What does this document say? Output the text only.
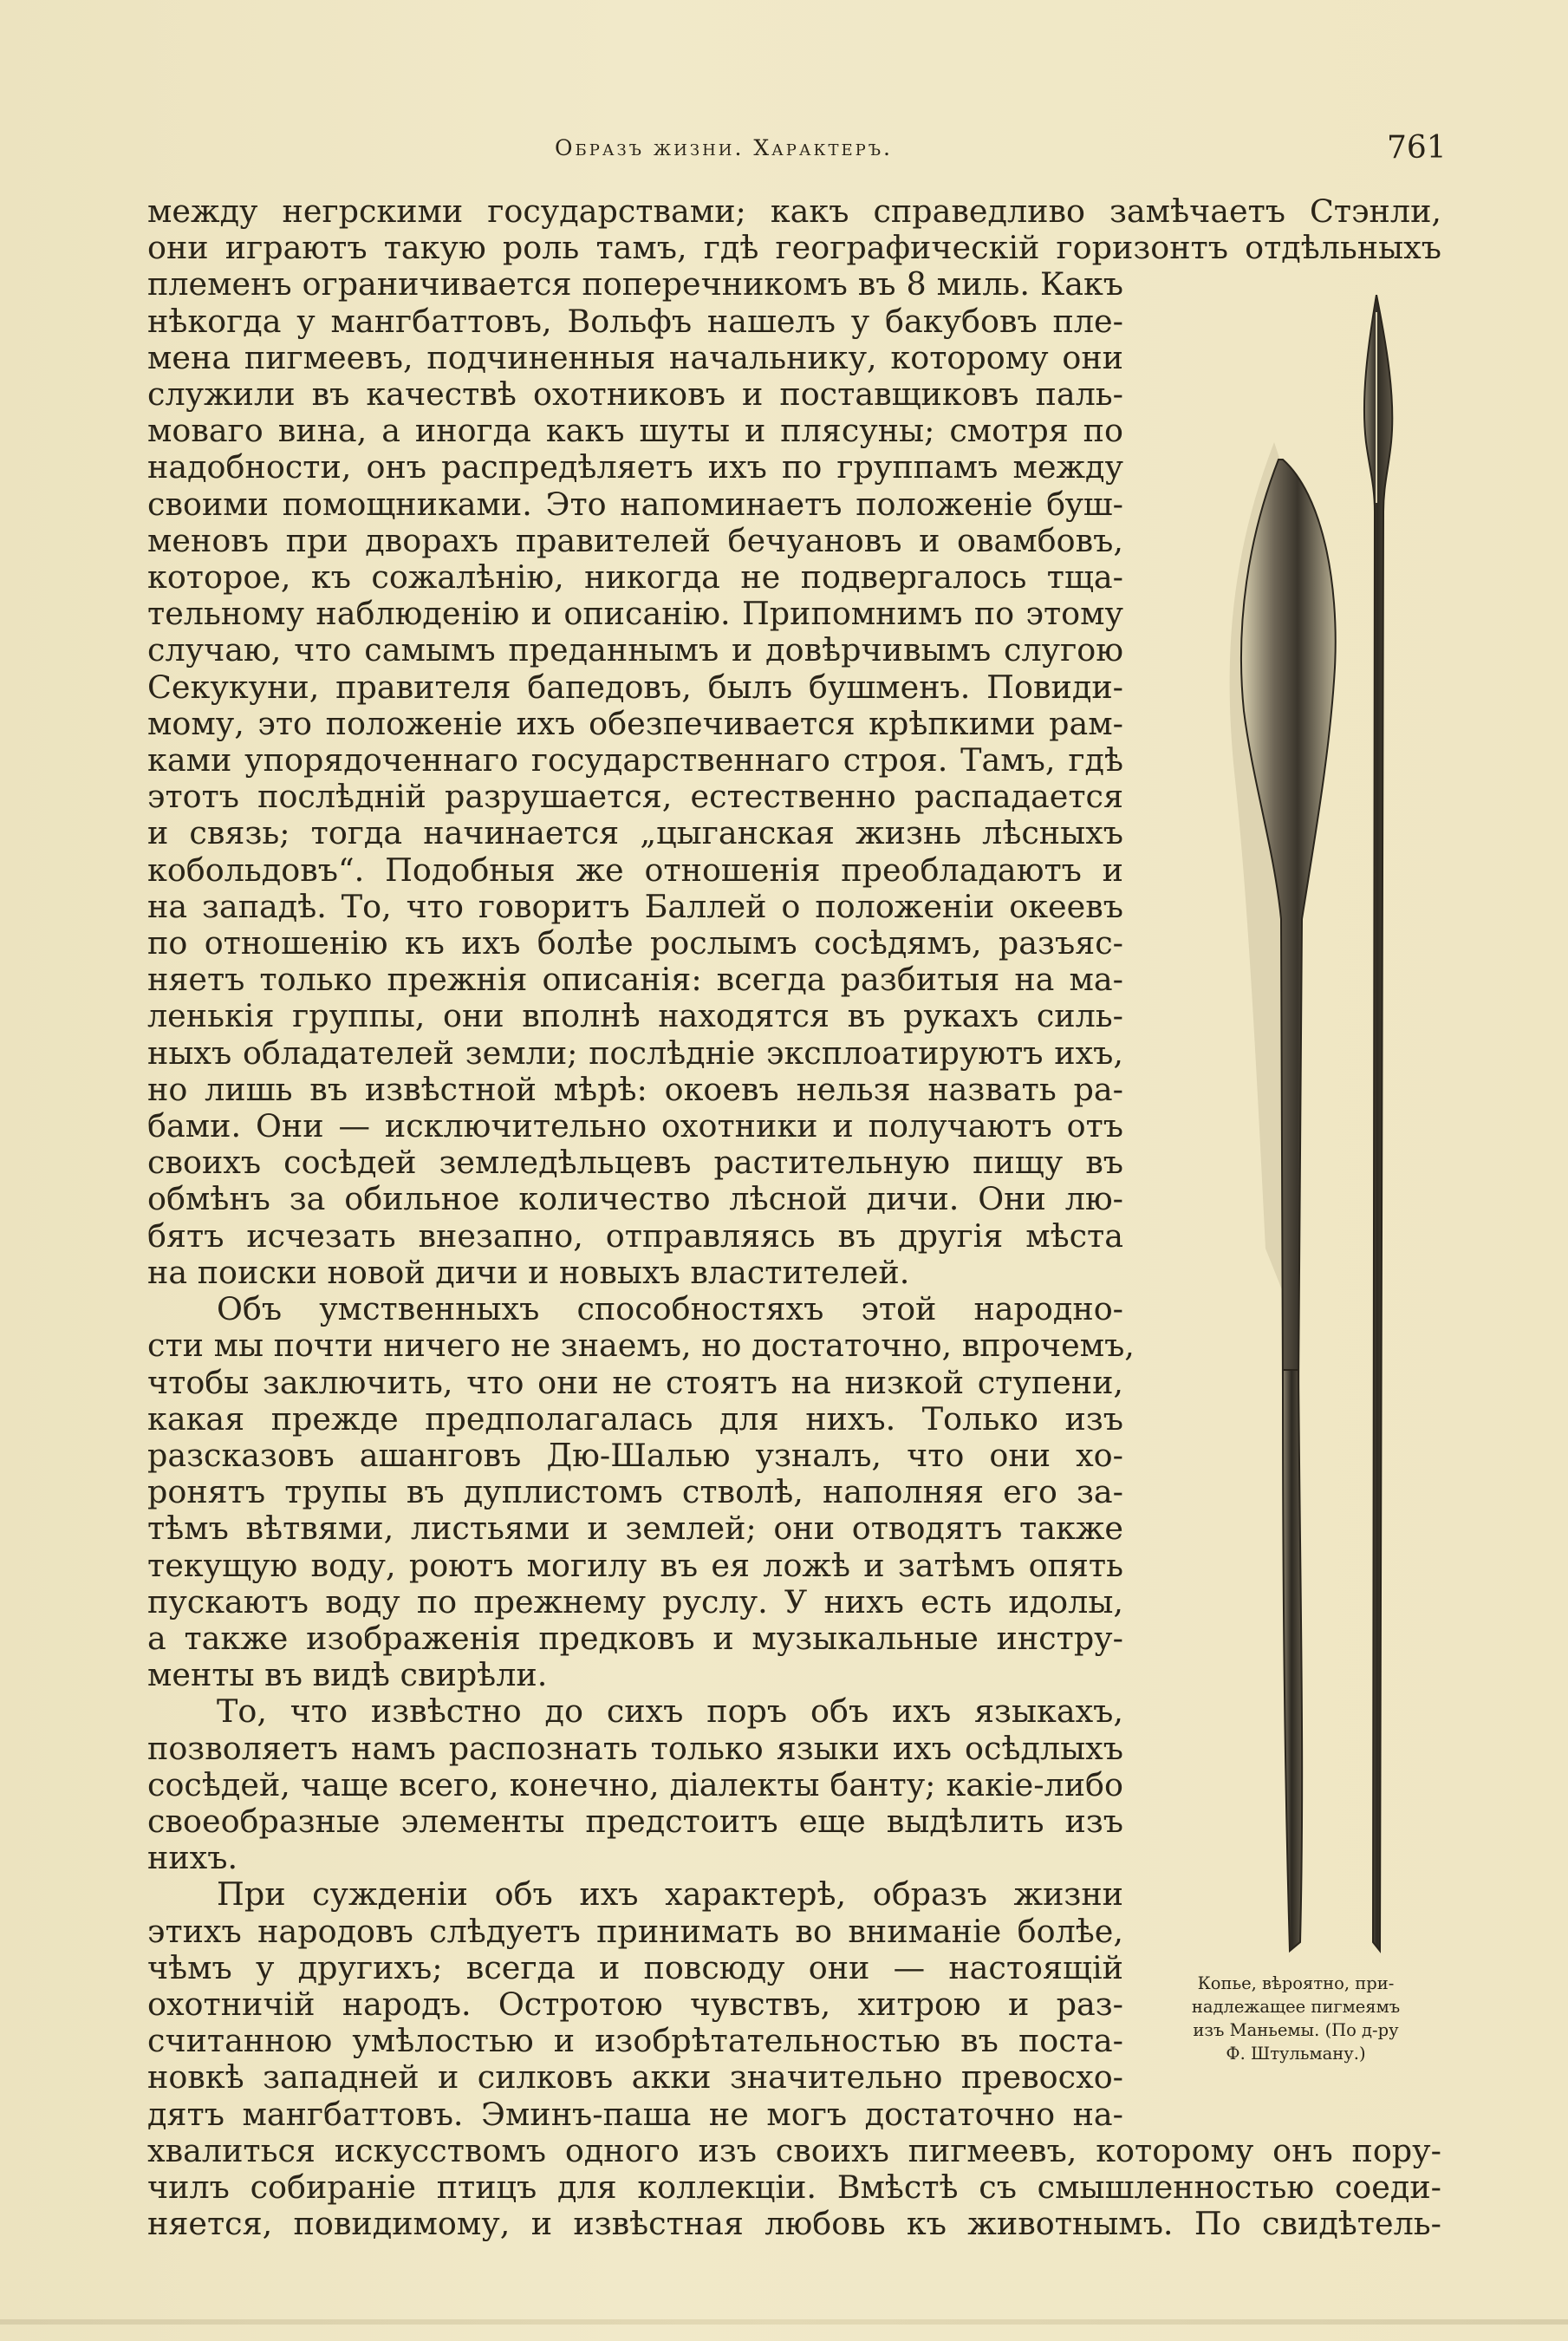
Образъ жизни. Характеръ.	761
между негрскими государствами; какъ справедливо замѣчаетъ Стэнли,
они играютъ такую роль тамъ, гдѣ географическій горизонтъ отдѣльныхъ
племенъ ограничивается поперечникомъ въ 8 миль. Какъ
нѣкогда у мангбаттовъ, Вольфъ нашелъ у бакубовъ пле-
мена пигмеевъ, подчиненныя начальнику, которому они
служили въ качествѣ охотниковъ и поставщиковъ паль-
моваго вина, а иногда какъ шуты и плясуны; смотря по
надобности, онъ распредѣляетъ ихъ по группамъ между
своими помощниками. Это напоминаетъ положеніе бyш-
меновъ при дворахъ правителей бечуановъ и овамбовъ,
которое, къ сожалѣнію, никогда не подвергалось тща-
тельному наблюденію и описанію. Припомнимъ по этому
случаю, что самымъ преданнымъ и довѣрчивымъ слугою
Секукуни, правителя бапедовъ, былъ бушменъ. Повиди-
мому, это положеніе ихъ обезпечивается крѣпкими рам-
ками упорядоченнаго государственнаго строя. Тамъ, гдѣ
этотъ послѣдній разрушается, естественно распадается
и связь; тогда начинается „цыганская жизнь лѣсныхъ
кобольдовъ“. Подобныя же отношенія преобладаютъ и
на западѣ. То, что говоритъ Баллей о положеніи океевъ
по отношенію къ ихъ болѣе рослымъ сосѣдямъ, разъяс-
няетъ только прежнія описанія: всегда разбитыя на ма-
ленькія группы, они вполнѣ находятся въ рукахъ силь-
ныхъ обладателей земли; послѣдніе эксплоатируютъ ихъ,
но лишь въ извѣстной мѣрѣ: окоевъ нельзя назвать ра-
бами. Они — исключительно охотники и получаютъ отъ
своихъ сосѣдей земледѣльцевъ растительную пищу въ
обмѣнъ за обильное количество лѣсной дичи. Они лю-
бятъ исчезать внезапно, отправляясь въ другія мѣста
на поиски новой дичи и новыхъ властителей.
Объ умственныхъ способностяхъ этой народно-
сти мы почти ничего не знаемъ, но достаточно, впрочемъ,
чтобы заключить, что они не стоятъ на низкой ступени,
какая прежде предполагалась для нихъ. Только изъ
разсказовъ ашанговъ Дю-Шалью узналъ, что они хо-
ронятъ трупы въ дуплистомъ стволѣ, наполняя его за-
тѣмъ вѣтвями, листьями и землей; они отводятъ также
текущую воду, роютъ могилу въ ея ложѣ и затѣмъ опять
пускаютъ воду по прежнему руслу. У нихъ есть идолы,
а также изображенія предковъ и музыкальные инстру-
менты въ видѣ свирѣли.
То, что извѣстно до сихъ поръ объ ихъ языкахъ,
позволяетъ намъ распознать только языки ихъ осѣдлыхъ
сосѣдей, чаще всего, конечно, діалекты банту; какіе-либо
своеобразные элементы предстоитъ еще выдѣлить изъ
нихъ.
При сужденіи объ ихъ характерѣ, образъ жизни
этихъ народовъ слѣдуетъ принимать во вниманіе болѣе,
чѣмъ у другихъ; всегда и повсюду они — настоящій
охотничій народъ. Остротою чувствъ, хитрою и раз-
считанною умѣлостью и изобрѣтательностью въ поста-
новкѣ западней и силковъ акки значительно превосхо-
дятъ мангбаттовъ. Эминъ-паша не могъ достаточно на-
хвалиться искусствомъ одного изъ своихъ пигмеевъ, которому онъ пору-
чилъ собираніе птицъ для коллекціи. Вмѣстѣ съ смышленностью соеди-
няется, повидимому, и извѣстная любовь къ животнымъ. По свидѣтель-
Копье, вѣроятно, при-
надлежащее пигмеямъ
изъ Маньемы. (По д-ру
Ф. Штульману.)
